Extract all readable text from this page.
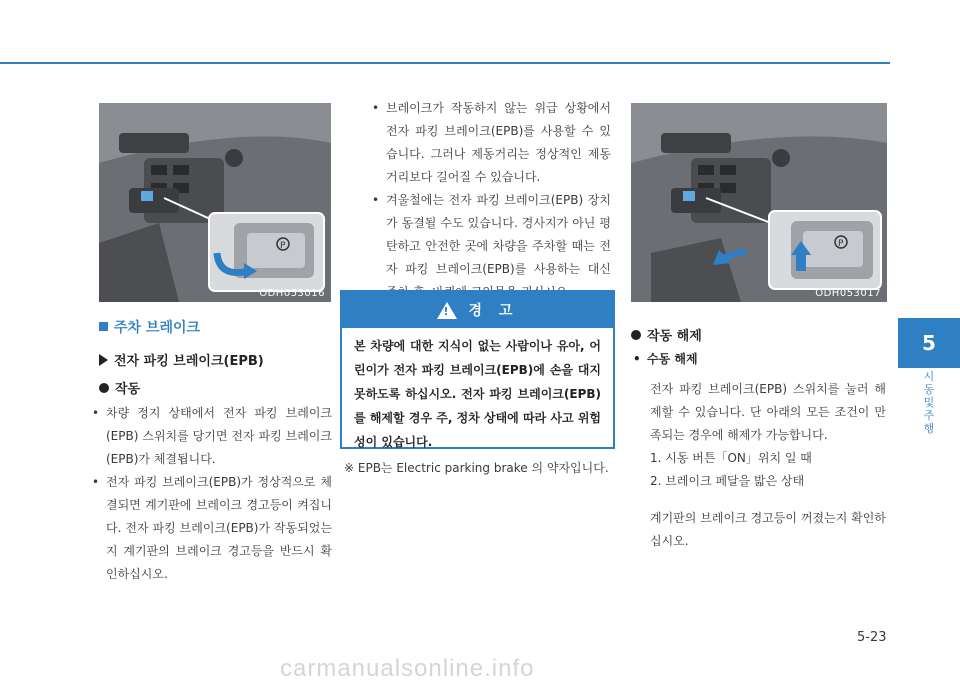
P
ODH053016
주차 브레이크
전자 파킹 브레이크(EPB)
작동
• 차량 정지 상태에서 전자 파킹 브레이크(EPB) 스위치를 당기면 전자 파킹 브레이크(EPB)가 체결됩니다.
• 전자 파킹 브레이크(EPB)가 정상적으로 체결되면 계기판에 브레이크 경고등이 켜집니다. 전자 파킹 브레이크(EPB)가 작동되었는지 계기판의 브레이크 경고등을 반드시 확인하십시오.
• 브레이크가 작동하지 않는 위급 상황에서 전자 파킹 브레이크(EPB)를 사용할 수 있습니다. 그러나 제동거리는 정상적인 제동 거리보다 길어질 수 있습니다.
• 겨울철에는 전자 파킹 브레이크(EPB) 장치가 동결될 수도 있습니다. 경사지가 아닌 평탄하고 안전한 곳에 차량을 주차할 때는 전자 파킹 브레이크(EPB)를 사용하는 대신
! 경 고
본 차량에 대한 지식이 없는 사람이나 유아, 어린이가 전자 파킹 브레이크(EPB)에 손을 대지 못하도록 하십시오. 전자 파킹 브레이크(EPB)를 해제할 경우 주, 정차 상태에 따라 사고 위험성이 있습니다.
※ EPB는 Electric parking brake 의 약자입니다.
P
ODH053017
작동 해제
• 수동 해제
전자 파킹 브레이크(EPB) 스위치를 눌러 해제할 수 있습니다. 단 아래의 모든 조건이 만족되는 경우에 해제가 가능합니다.
1. 시동 버튼「ON」위치 일 때
2. 브레이크 페달을 밟은 상태
계기판의 브레이크 경고등이 꺼졌는지 확인하십시오.
5
시동 및 주행
5-23
carmanualsonline.info
